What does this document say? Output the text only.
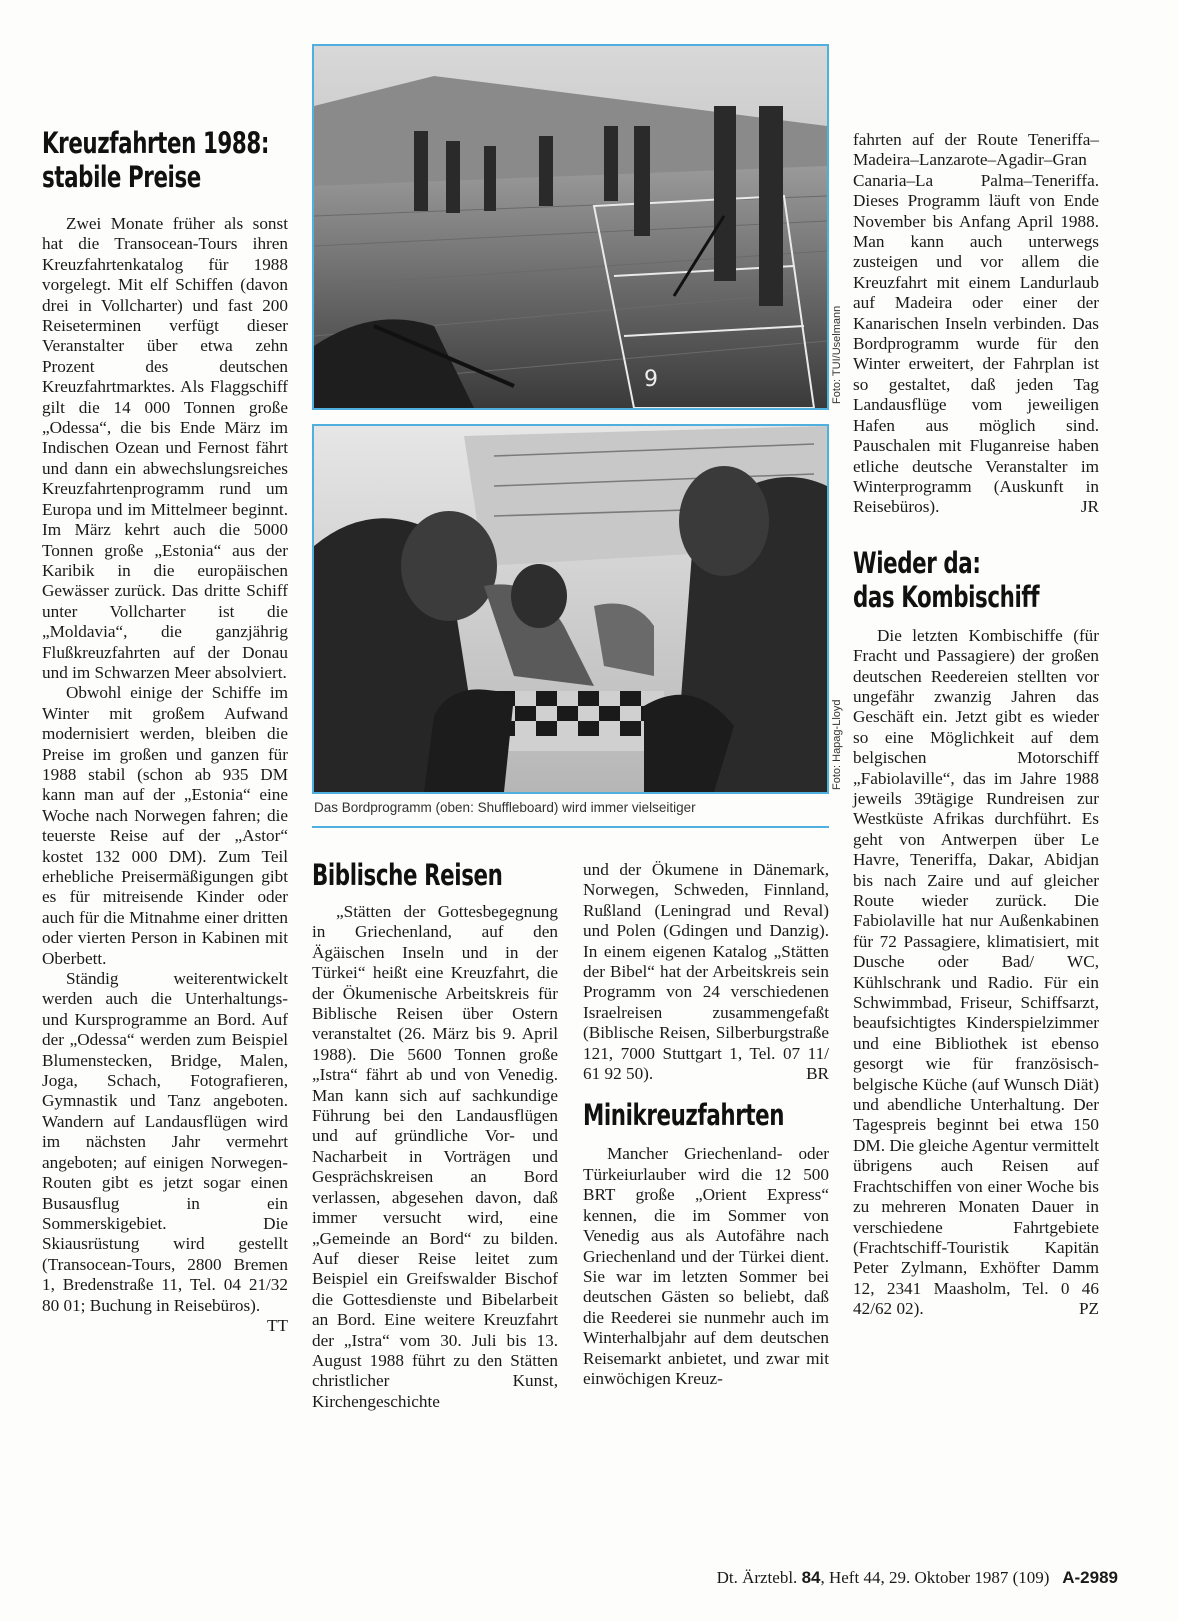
Kreuzfahrten 1988:
stabile Preise

Zwei Monate früher als sonst hat die Transocean-Tours ihren Kreuzfahrtenkatalog für 1988 vorgelegt. Mit elf Schiffen (davon drei in Vollcharter) und fast 200 Reiseterminen verfügt dieser Veranstalter über etwa zehn Prozent des deutschen Kreuzfahrtmarktes. Als Flaggschiff gilt die 14 000 Tonnen große „Odessa“, die bis Ende März im Indischen Ozean und Fernost fährt und dann ein abwechslungsreiches Kreuzfahrtenprogramm rund um Europa und im Mittelmeer beginnt. Im März kehrt auch die 5000 Tonnen große „Estonia“ aus der Karibik in die europäischen Gewässer zurück. Das dritte Schiff unter Vollcharter ist die „Moldavia“, die ganzjährig Flußkreuzfahrten auf der Donau und im Schwarzen Meer absolviert.

Obwohl einige der Schiffe im Winter mit großem Aufwand modernisiert werden, bleiben die Preise im großen und ganzen für 1988 stabil (schon ab 935 DM kann man auf der „Estonia“ eine Woche nach Norwegen fahren; die teuerste Reise auf der „Astor“ kostet 132 000 DM). Zum Teil erhebliche Preisermäßigungen gibt es für mitreisende Kinder oder auch für die Mitnahme einer dritten oder vierten Person in Kabinen mit Oberbett.

Ständig weiterentwickelt werden auch die Unterhaltungs- und Kursprogramme an Bord. Auf der „Odessa“ werden zum Beispiel Blumenstecken, Bridge, Malen, Joga, Schach, Fotografieren, Gymnastik und Tanz angeboten. Wandern auf Landausflügen wird im nächsten Jahr vermehrt angeboten; auf einigen Norwegen-Routen gibt es jetzt sogar einen Busausflug in ein Sommerskigebiet. Die Skiausrüstung wird gestellt (Transocean-Tours, 2800 Bremen 1, Bredenstraße 11, Tel. 04 21/32 80 01; Buchung in Reisebüros).
TT

9	Foto: TUI/Uselmann
Foto: Hapag-Lloyd
Das Bordprogramm (oben: Shuffleboard) wird immer vielseitiger
Biblische Reisen

„Stätten der Gottesbegegnung in Griechenland, auf den Ägäischen Inseln und in der Türkei“ heißt eine Kreuzfahrt, die der Ökumenische Arbeitskreis für Biblische Reisen über Ostern veranstaltet (26. März bis 9. April 1988). Die 5600 Tonnen große „Istra“ fährt ab und von Venedig. Man kann sich auf sachkundige Führung bei den Landausflügen und auf gründliche Vor- und Nacharbeit in Vorträgen und Gesprächskreisen an Bord verlassen, abgesehen davon, daß immer versucht wird, eine „Gemeinde an Bord“ zu bilden. Auf dieser Reise leitet zum Beispiel ein Greifswalder Bischof die Gottesdienste und Bibelarbeit an Bord. Eine weitere Kreuzfahrt der „Istra“ vom 30. Juli bis 13. August 1988 führt zu den Stätten christlicher Kunst, Kirchengeschichte

und der Ökumene in Dänemark, Norwegen, Schweden, Finnland, Rußland (Leningrad und Reval) und Polen (Gdingen und Danzig). In einem eigenen Katalog „Stätten der Bibel“ hat der Arbeitskreis sein Programm von 24 verschiedenen Israelreisen zusammengefaßt (Biblische Reisen, Silberburgstraße 121, 7000 Stuttgart 1, Tel. 07 11/ 61 92 50).	BR

Minikreuzfahrten

Mancher Griechenland- oder Türkeiurlauber wird die 12 500 BRT große „Orient Express“ kennen, die im Sommer von Venedig aus als Autofähre nach Griechenland und der Türkei dient. Sie war im letzten Sommer bei deutschen Gästen so beliebt, daß die Reederei sie nunmehr auch im Winterhalbjahr auf dem deutschen Reisemarkt anbietet, und zwar mit einwöchigen Kreuz-

fahrten auf der Route Teneriffa–Madeira–Lanzarote–Agadir–Gran Canaria–La Palma–Teneriffa. Dieses Programm läuft von Ende November bis Anfang April 1988. Man kann auch unterwegs zusteigen und vor allem die Kreuzfahrt mit einem Landurlaub auf Madeira oder einer der Kanarischen Inseln verbinden. Das Bordprogramm wurde für den Winter erweitert, der Fahrplan ist so gestaltet, daß jeden Tag Landausflüge vom jeweiligen Hafen aus möglich sind. Pauschalen mit Fluganreise haben etliche deutsche Veranstalter im Winterprogramm (Auskunft in Reisebüros).	JR

Wieder da:
das Kombischiff

Die letzten Kombischiffe (für Fracht und Passagiere) der großen deutschen Reedereien stellten vor ungefähr zwanzig Jahren das Geschäft ein. Jetzt gibt es wieder so eine Möglichkeit auf dem belgischen Motorschiff „Fabiolaville“, das im Jahre 1988 jeweils 39tägige Rundreisen zur Westküste Afrikas durchführt. Es geht von Antwerpen über Le Havre, Teneriffa, Dakar, Abidjan bis nach Zaire und auf gleicher Route wieder zurück. Die Fabiolaville hat nur Außenkabinen für 72 Passagiere, klimatisiert, mit Dusche oder Bad/ WC, Kühlschrank und Radio. Für ein Schwimmbad, Friseur, Schiffsarzt, beaufsichtigtes Kinderspielzimmer und eine Bibliothek ist ebenso gesorgt wie für französisch-belgische Küche (auf Wunsch Diät) und abendliche Unterhaltung. Der Tagespreis beginnt bei etwa 150 DM. Die gleiche Agentur vermittelt übrigens auch Reisen auf Frachtschiffen von einer Woche bis zu mehreren Monaten Dauer in verschiedene Fahrtgebiete (Frachtschiff-Touristik Kapitän Peter Zylmann, Exhöfter Damm 12, 2341 Maasholm, Tel. 0 46 42/62 02).	PZ

Dt. Ärztebl. 84, Heft 44, 29. Oktober 1987 (109) A-2989
